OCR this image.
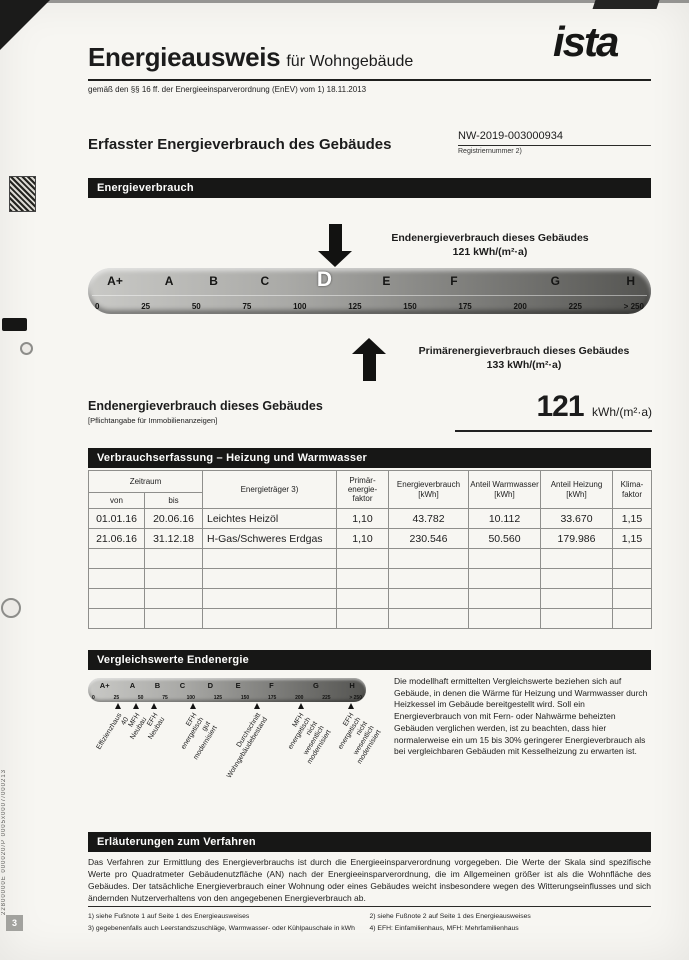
22800000E 000020/P 0005x0007/000213
3
Energieausweis für Wohngebäude
gemäß den §§ 16 ff. der Energieeinsparverordnung (EnEV) vom 1) 18.11.2013
ista
Erfasster Energieverbrauch des Gebäudes	NW-2019-003000934
Registriernummer 2)
Energieverbrauch
Endenergieverbrauch dieses Gebäudes
121 kWh/(m²·a)
A+	A	B	C D	E	F	G	H
0	25	50	75	100	125	150	175	200	225	> 250
Primärenergieverbrauch dieses Gebäudes
133 kWh/(m²·a)
Endenergieverbrauch dieses Gebäudes
[Pflichtangabe für Immobilienanzeigen]	121 kWh/(m²·a)
Verbrauchserfassung – Heizung und Warmwasser
Zeitraum		Energieträger 3)	Primär-energie-faktor	Energieverbrauch [kWh]	Anteil Warmwasser [kWh]	Anteil Heizung [kWh]	Klima-faktor
von	bis						
01.01.16	20.06.16	Leichtes Heizöl	1,10	43.782	10.112	33.670	1,15
21.06.16	31.12.18	H-Gas/Schweres Erdgas	1,10	230.546	50.560	179.986	1,15

Vergleichswerte Endenergie
A+	A	B	C	D	E	F	G	H
0	25	50	75	100	125	150	175	200	225	> 250
Effizienzhaus 40
MFH Neubau
EFH Neubau	EFH energetisch gut modernisiert	Durchschnitt Wohngebäudebestand	MFH energetisch nicht wesentlich modernisiert
EFH energetisch nicht wesentlich modernisiert
Die modellhaft ermittelten Vergleichswerte beziehen sich auf Gebäude, in denen die Wärme für Heizung und Warmwasser durch Heizkessel im Gebäude bereitgestellt wird. Soll ein Energieverbrauch von mit Fern- oder Nahwärme beheizten Gebäuden verglichen werden, ist zu beachten, dass hier normalerweise ein um 15 bis 30% geringerer Energieverbrauch als bei vergleichbaren Gebäuden mit Kesselheizung zu erwarten ist.
Erläuterungen zum Verfahren
Das Verfahren zur Ermittlung des Energieverbrauchs ist durch die Energieeinsparverordnung vorgegeben. Die Werte der Skala sind spezifische Werte pro Quadratmeter Gebäudenutzfläche (AN) nach der Energieeinsparverordnung, die im Allgemeinen größer ist als die Wohnfläche des Gebäudes. Der tatsächliche Energieverbrauch einer Wohnung oder eines Gebäudes weicht insbesondere wegen des Witterungseinflusses und sich ändernden Nutzerverhaltens von den angegebenen Energieverbrauch ab.
1) siehe Fußnote 1 auf Seite 1 des Energieausweises
3) gegebenenfalls auch Leerstandszuschläge, Warmwasser- oder Kühlpauschale in kWh
2) siehe Fußnote 2 auf Seite 1 des Energieausweises
4) EFH: Einfamilienhaus, MFH: Mehrfamilienhaus
